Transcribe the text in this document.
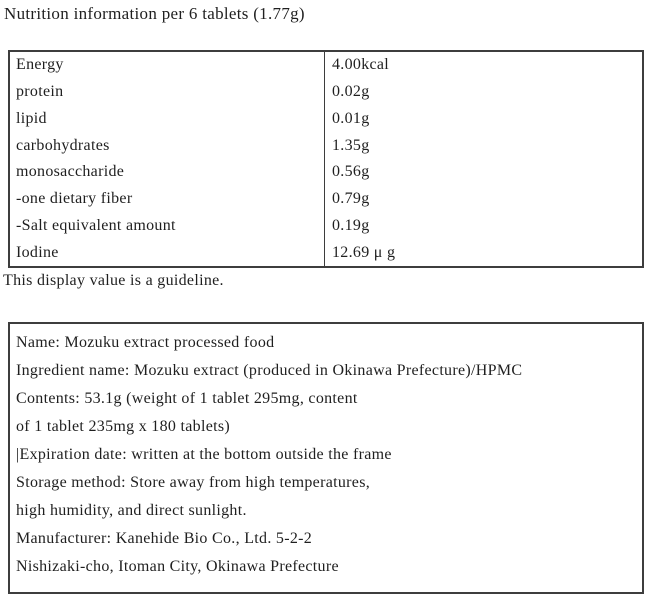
Nutrition information per 6 tablets (1.77g)
Energy	4.00kcal
protein	0.02g
lipid	0.01g
carbohydrates	1.35g
monosaccharide	0.56g
-one dietary fiber	0.79g
-Salt equivalent amount	0.19g
Iodine	12.69 μ g
This display value is a guideline.
Name: Mozuku extract processed food
Ingredient name: Mozuku extract (produced in Okinawa Prefecture)/HPMC
Contents: 53.1g (weight of 1 tablet 295mg, content
of 1 tablet 235mg x 180 tablets)
|Expiration date: written at the bottom outside the frame
Storage method: Store away from high temperatures,
high humidity, and direct sunlight.
Manufacturer: Kanehide Bio Co., Ltd. 5-2-2
Nishizaki-cho, Itoman City, Okinawa Prefecture
